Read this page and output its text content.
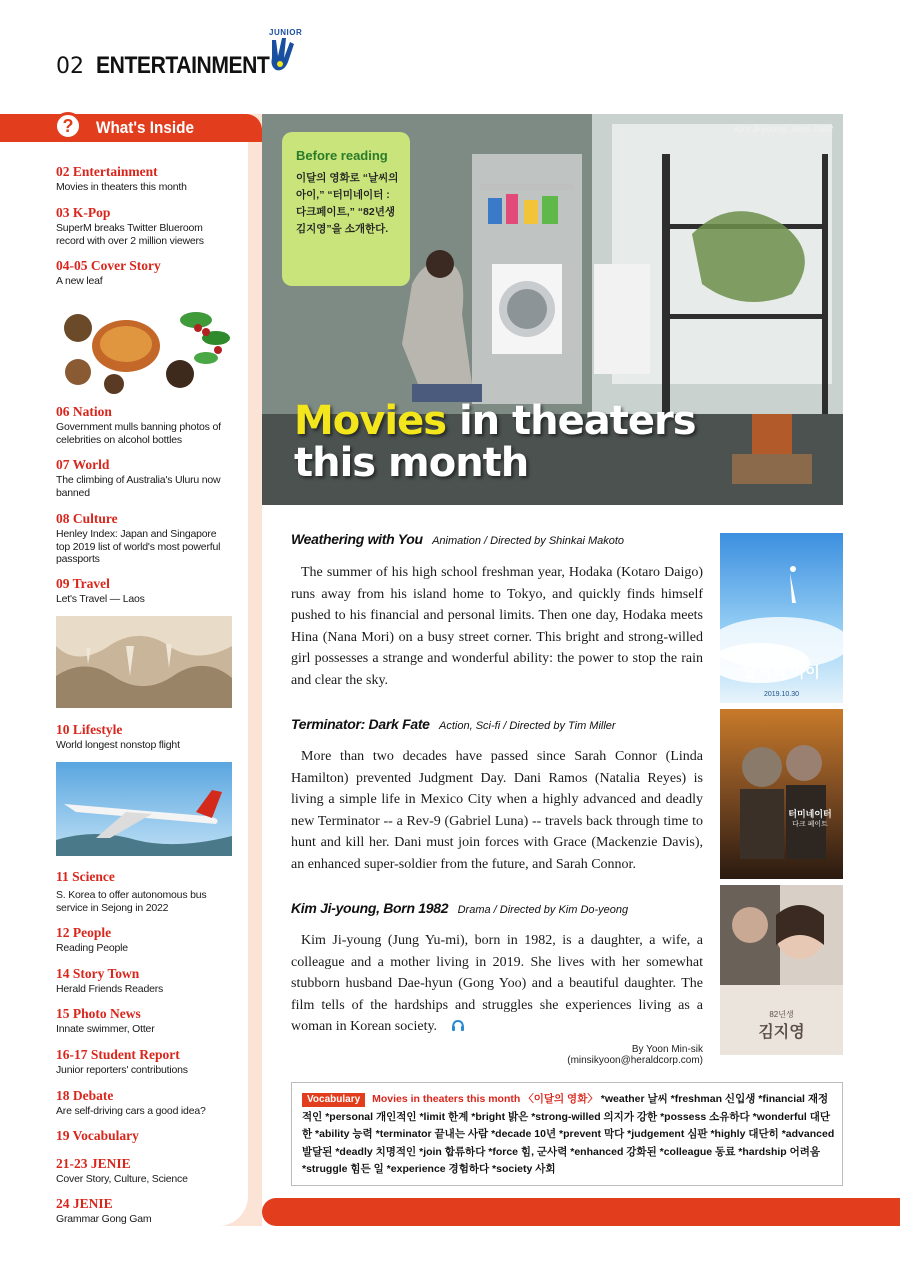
02 ENTERTAINMENT
JUNIOR
?	What's Inside
02 Entertainment
Movies in theaters this month
03 K-Pop
SuperM breaks Twitter Blueroom record with over 2 million viewers
04-05 Cover Story
A new leaf
06 Nation
Government mulls banning photos of celebrities on alcohol bottles
07 World
The climbing of Australia's Uluru now banned
08 Culture
Henley Index: Japan and Singapore top 2019 list of world's most powerful passports
09 Travel
Let's Travel — Laos
10 Lifestyle
World longest nonstop flight
11 Science
S. Korea to offer autonomous bus service in Sejong in 2022
12 People
Reading People
14 Story Town
Herald Friends Readers
15 Photo News
Innate swimmer, Otter
16-17 Student Report
Junior reporters' contributions
18 Debate
Are self-driving cars a good idea?
19 Vocabulary
21-23 JENIE
Cover Story, Culture, Science
24 JENIE
Grammar Gong Gam
Kim Ji-young, Born 1982
Movies in theaters
this month
Before reading
이달의 영화로 “날씨의 아이,” “터미네이터 : 다크페이트,” “82년생 김지영”을 소개한다.
Weathering with You Animation / Directed by Shinkai Makoto
The summer of his high school freshman year, Hodaka (Kotaro Daigo) runs away from his island home to Tokyo, and quickly finds himself pushed to his financial and personal limits. Then one day, Hodaka meets Hina (Nana Mori) on a busy street corner. This bright and strong-willed girl possesses a strange and wonderful ability: the power to stop the rain and clear the sky.	날씨의 아이
2019.10.30
Terminator: Dark Fate Action, Sci-fi / Directed by Tim Miller
More than two decades have passed since Sarah Connor (Linda Hamilton) prevented Judgment Day. Dani Ramos (Natalia Reyes) is living a simple life in Mexico City when a highly advanced and deadly new Terminator -- a Rev-9 (Gabriel Luna) -- travels back through time to hunt and kill her. Dani must join forces with Grace (Mackenzie Davis), an enhanced super-soldier from the future, and Sarah Connor.
터미네이터
다크 페이트
Kim Ji-young, Born 1982 Drama / Directed by Kim Do-yeong
Kim Ji-young (Jung Yu-mi), born in 1982, is a daughter, a wife, a colleague and a mother living in 2019. She lives with her somewhat stubborn husband Dae-hyun (Gong Yoo) and a beautiful daughter. The film tells of the hardships and struggles she experiences living as a woman in Korean society.
82년생
김지영
By Yoon Min-sik (minsikyoon@heraldcorp.com)
Vocabulary Movies in theaters this month 〈이달의 영화〉 *weather 날씨 *freshman 신입생 *financial 재정적인 *personal 개인적인 *limit 한계 *bright 밝은 *strong-willed 의지가 강한 *possess 소유하다 *wonderful 대단한 *ability 능력 *terminator 끝내는 사람 *decade 10년 *prevent 막다 *judgement 심판 *highly 대단히 *advanced 발달된 *deadly 치명적인 *join 합류하다 *force 힘, 군사력 *enhanced 강화된 *colleague 동료 *hardship 어려움 *struggle 힘든 일 *experience 경험하다 *society 사회
